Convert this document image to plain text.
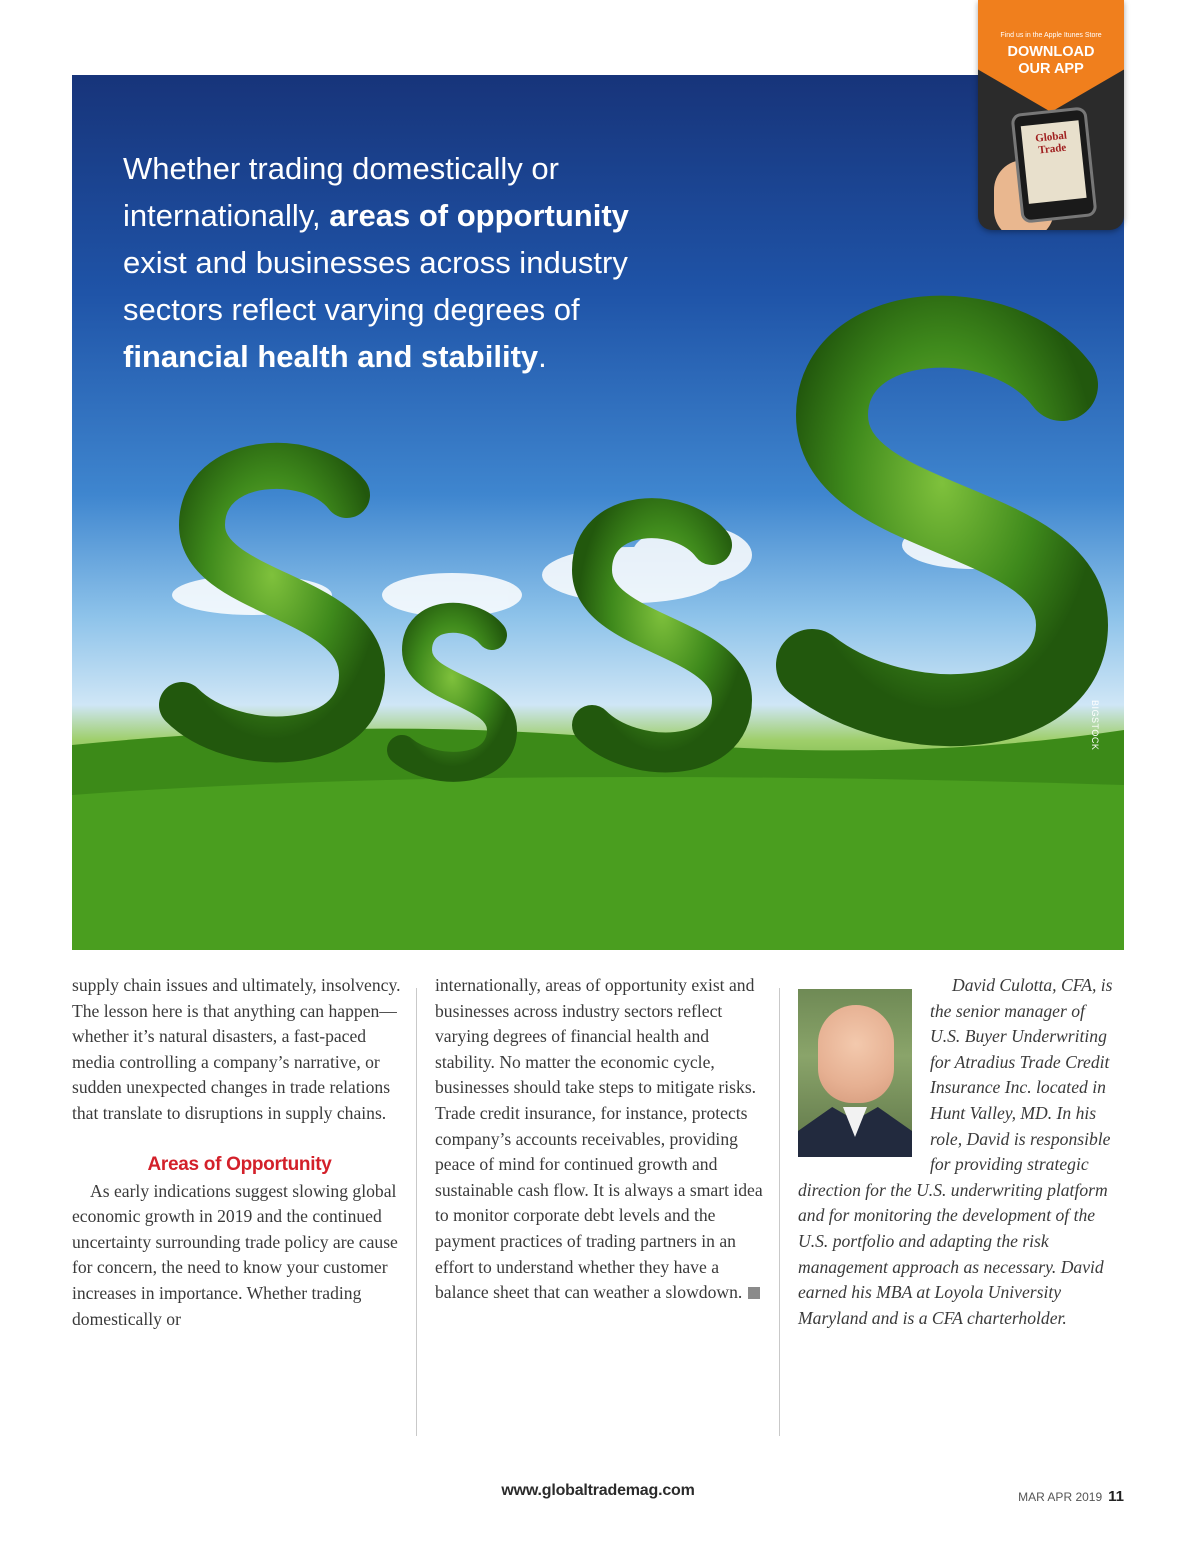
Whether trading domestically or
internationally, areas of opportunity
exist and businesses across industry
sectors reflect varying degrees of
financial health and stability.

BIGSTOCK
Find us in the Apple Itunes Store
DOWNLOAD
OUR APP
Global Trade

supply chain issues and ultimately, insolvency. The lesson here is that anything can happen—whether it’s natural disasters, a fast-paced media controlling a company’s narrative, or sudden unexpected changes in trade relations that translate to disruptions in supply chains.

Areas of Opportunity

As early indications suggest slowing global economic growth in 2019 and the continued uncertainty surrounding trade policy are cause for concern, the need to know your customer increases in importance. Whether trading domestically or

internationally, areas of opportunity exist and businesses across industry sectors reflect varying degrees of financial health and stability. No matter the economic cycle, businesses should take steps to mitigate risks. Trade credit insurance, for instance, protects company’s accounts receivables, providing peace of mind for continued growth and sustainable cash flow. It is always a smart idea to monitor corporate debt levels and the payment practices of trading partners in an effort to understand whether they have a balance sheet that can weather a slowdown.

David Culotta, CFA, is the senior manager of U.S. Buyer Underwriting for Atradius Trade Credit Insurance Inc. located in Hunt Valley, MD. In his role, David is responsible for providing strategic direction for the U.S. underwriting platform and for monitoring the development of the U.S. portfolio and adapting the risk management approach as necessary. David earned his MBA at Loyola University Maryland and is a CFA charterholder.

www.globaltrademag.com	MAR APR 2019 11
